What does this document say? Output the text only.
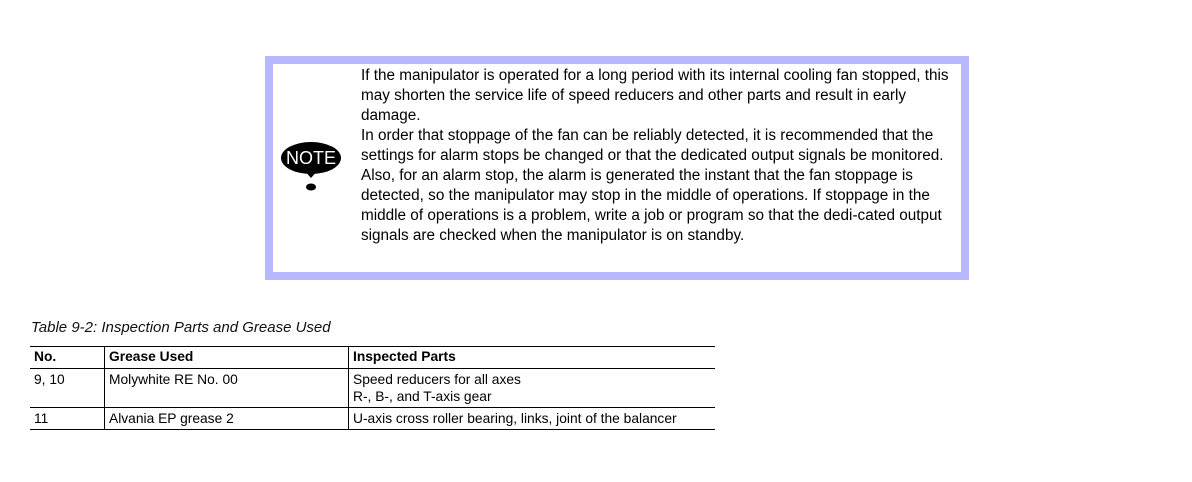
NOTE

If the manipulator is operated for a long period with its internal cooling fan stopped, this may shorten the service life of speed reducers and other parts and result in early damage.

In order that stoppage of the fan can be reliably detected, it is recommended that the settings for alarm stops be changed or that the dedicated output signals be monitored.

Also, for an alarm stop, the alarm is generated the instant that the fan stoppage is detected, so the manipulator may stop in the middle of operations. If stoppage in the middle of operations is a problem, write a job or program so that the dedi-cated output signals are checked when the manipulator is on standby.

Table 9-2: Inspection Parts and Grease Used
No.	Grease Used	Inspected Parts
9, 10	Molywhite RE No. 00	Speed reducers for all axes
R-, B-, and T-axis gear

11	Alvania EP grease 2	U-axis cross roller bearing, links, joint of the balancer
